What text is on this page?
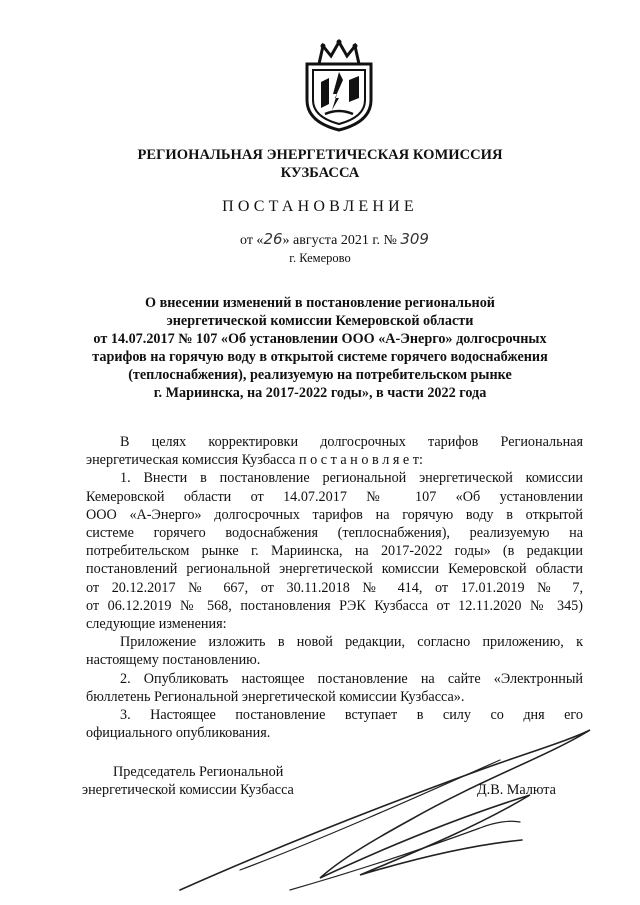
РЕГИОНАЛЬНАЯ ЭНЕРГЕТИЧЕСКАЯ КОМИССИЯ
КУЗБАССА
ПОСТАНОВЛЕНИЕ
от «26» августа 2021 г. № 309
г. Кемерово
О внесении изменений в постановление региональной
энергетической комиссии Кемеровской области
от 14.07.2017 № 107 «Об установлении ООО «А-Энерго» долгосрочных
тарифов на горячую воду в открытой системе горячего водоснабжения
(теплоснабжения), реализуемую на потребительском рынке
г. Мариинска, на 2017-2022 годы», в части 2022 года
В целях корректировки долгосрочных тарифов Региональная
энергетическая комиссия Кузбасса п о с т а н о в л я е т:
1. Внести в постановление региональной энергетической комиссии
Кемеровской области от 14.07.2017 № 107 «Об установлении
ООО «А-Энерго» долгосрочных тарифов на горячую воду в открытой
системе горячего водоснабжения (теплоснабжения), реализуемую на
потребительском рынке г. Мариинска, на 2017-2022 годы» (в редакции
постановлений региональной энергетической комиссии Кемеровской области
от 20.12.2017 № 667, от 30.11.2018 № 414, от 17.01.2019 № 7,
от 06.12.2019 № 568, постановления РЭК Кузбасса от 12.11.2020 № 345)
следующие изменения:
Приложение изложить в новой редакции, согласно приложению, к
настоящему постановлению.
2. Опубликовать настоящее постановление на сайте «Электронный
бюллетень Региональной энергетической комиссии Кузбасса».
3. Настоящее постановление вступает в силу со дня его
официального опубликования.
Председатель Региональной
энергетической комиссии Кузбасса	Д.В. Малюта
